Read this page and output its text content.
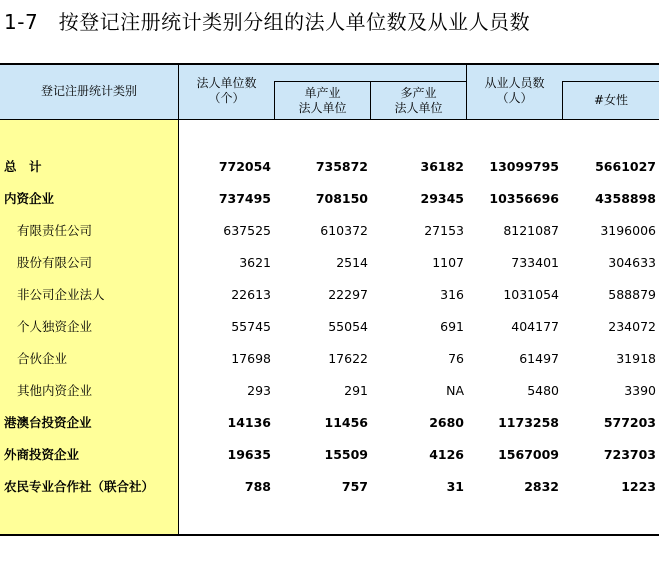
1-7　按登记注册统计类别分组的法人单位数及从业人员数
登记注册统计类别
法人单位数
（个）	单产业
法人单位
多产业
法人单位
从业人员数
（人）	#女性
总　计	772054	735872	36182	13099795	5661027
内资企业	737495	708150	29345	10356696	4358898
有限责任公司	637525	610372	27153	8121087	3196006
股份有限公司	3621	2514	1107	733401	304633
非公司企业法人	22613	22297	316	1031054	588879
个人独资企业	55745	55054	691	404177	234072
合伙企业	17698	17622	76	61497	31918
其他内资企业	293	291	NA	5480	3390
港澳台投资企业	14136	11456	2680	1173258	577203
外商投资企业	19635	15509	4126	1567009	723703
农民专业合作社（联合社）	788	757	31	2832	1223
